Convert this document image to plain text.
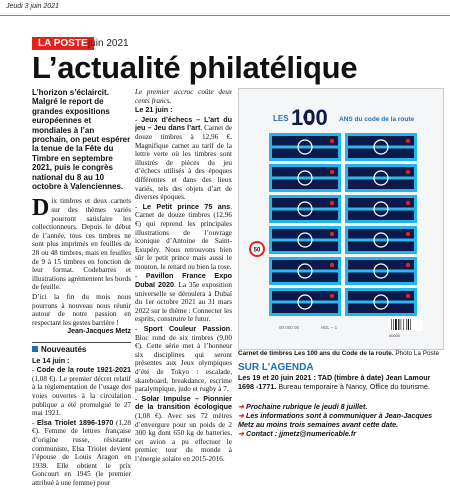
Jeudi 3 juin 2021
LA POSTE juin 2021
L’actualité philatélique
L’horizon s’éclaircit. Malgré le report de grandes expositions européennes et mondiales à l’an prochain, on peut espérer la tenue de la Fête du Timbre en septembre 2021, puis le congrès national du 8 au 10 octobre à Valenciennes.

Dix timbres et deux carnets sur des thèmes variés pourront satisfaire les collectionneurs. Depuis le début de l’année, tous ces timbres ne sont plus imprimés en feuilles de 28 ou 48 timbres, mais en feuilles de 9 à 15 timbres en fonction de leur format. Codebarres et illustrations agrémentent les bords de feuille.

D’ici la fin du mois nous pourrons à nouveau nous réunir autour de notre passion en respectant les gestes barrière !

Jean-Jacques Metz
Nouveautés

Le 14 juin :

- Code de la route 1921-2021 (1,08 €). Le premier décret relatif à la réglementation de l’usage des voies ouvertes à la circulation publique a été promulgué le 27 mai 1921.

- Elsa Triolet 1896-1970 (1,28 €). Femme de lettres française d’origine russe, résistante communiste, Elsa Triolet devient l’épouse de Louis Aragon en 1939. Elle obtient le prix Goncourt en 1945 (le premier attribué à une femme) pour

Le premier accroc coûte deux cents francs.

Le 21 juin :

- Jeux d’échecs – L’art du jeu – Jeu dans l’art. Carnet de douze timbres à 12,96 €. Magnifique carnet au tarif de la lettre verte où les timbres sont illustrés de pièces du jeu d’échecs utilisés à des époques différentes et dans des lieux variés, tels des objets d’art de diverses époques.

- Le Petit prince 75 ans. Carnet de douze timbres (12,96 €) qui reprend les principales illustrations de l’ouvrage iconique d’Antoine de Saint-Exupéry. Nous retrouvons bien sûr le petit prince mais aussi le mouton, le renard ou bien la rose.

- Pavillon France Expo Dubaï 2020. La 35e exposition universelle se déroulera à Dubaï du 1er octobre 2021 au 31 mars 2022 sur le thème : Connecter les esprits, construire le futur.

- Sport Couleur Passion. Bloc rond de six timbres (9,00 €). Cette série met à l’honneur six disciplines qui seront présentes aux Jeux olympiques d’été de Tokyo : escalade, skateboard, breakdance, escrime paralympique, judo et rugby à 7.

- Solar Impulse – Pionnier de la transition écologique (1,08 €). Avec ses 72 mètres d’envergure pour un poids de 2 300 kg dont 650 kg de batteries, cet avion a pu effectuer le premier tour du monde à l’énergie solaire en 2015-2016.

LES 100 ANS du code de la route
50
00 000 00	HEL – 1
00000
Carnet de timbres Les 100 ans du Code de la route. Photo La Poste
SUR L’AGENDA
Les 19 et 20 juin 2021 : TAD (timbre à date) Jean Lamour 1698 -1771. Bureau temporaire à Nancy, Office du tourisme.
➜ Prochaine rubrique le jeudi 8 juillet.
➜ Les informations sont à communiquer à Jean-Jacques Metz au moins trois semaines avant cette date.
➜ Contact : jjmetz@numericable.fr
